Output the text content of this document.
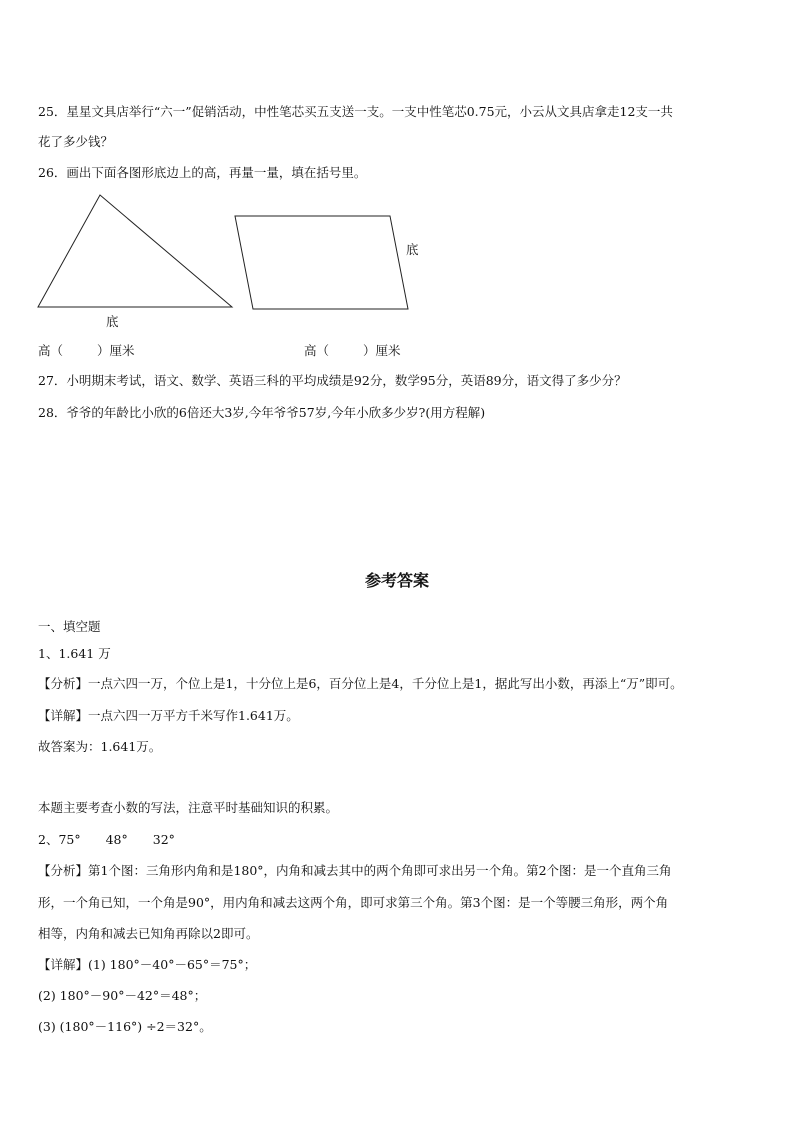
25．星星文具店举行“六一”促销活动，中性笔芯买五支送一支。一支中性笔芯0.75元，小云从文具店拿走12支一共
花了多少钱？
26．画出下面各图形底边上的高，再量一量，填在括号里。
底
底
高（	）厘米	高（	）厘米
27．小明期末考试，语文、数学、英语三科的平均成绩是92分，数学95分，英语89分，语文得了多少分？
28．爷爷的年龄比小欣的6倍还大3岁,今年爷爷57岁,今年小欣多少岁?(用方程解)
参考答案
一、填空题
1、1.641 万
【分析】一点六四一万，个位上是1，十分位上是6，百分位上是4，千分位上是1，据此写出小数，再添上“万”即可。
【详解】一点六四一万平方千米写作1.641万。
故答案为：1.641万。
本题主要考查小数的写法，注意平时基础知识的积累。
2、75°　　48°　　32°
【分析】第1个图：三角形内角和是180°，内角和减去其中的两个角即可求出另一个角。第2个图：是一个直角三角
形，一个角已知，一个角是90°，用内角和减去这两个角，即可求第三个角。第3个图：是一个等腰三角形，两个角
相等，内角和减去已知角再除以2即可。
【详解】(1) 180°－40°－65°＝75°；
(2) 180°－90°－42°＝48°；
(3) (180°－116°) ÷2＝32°。
